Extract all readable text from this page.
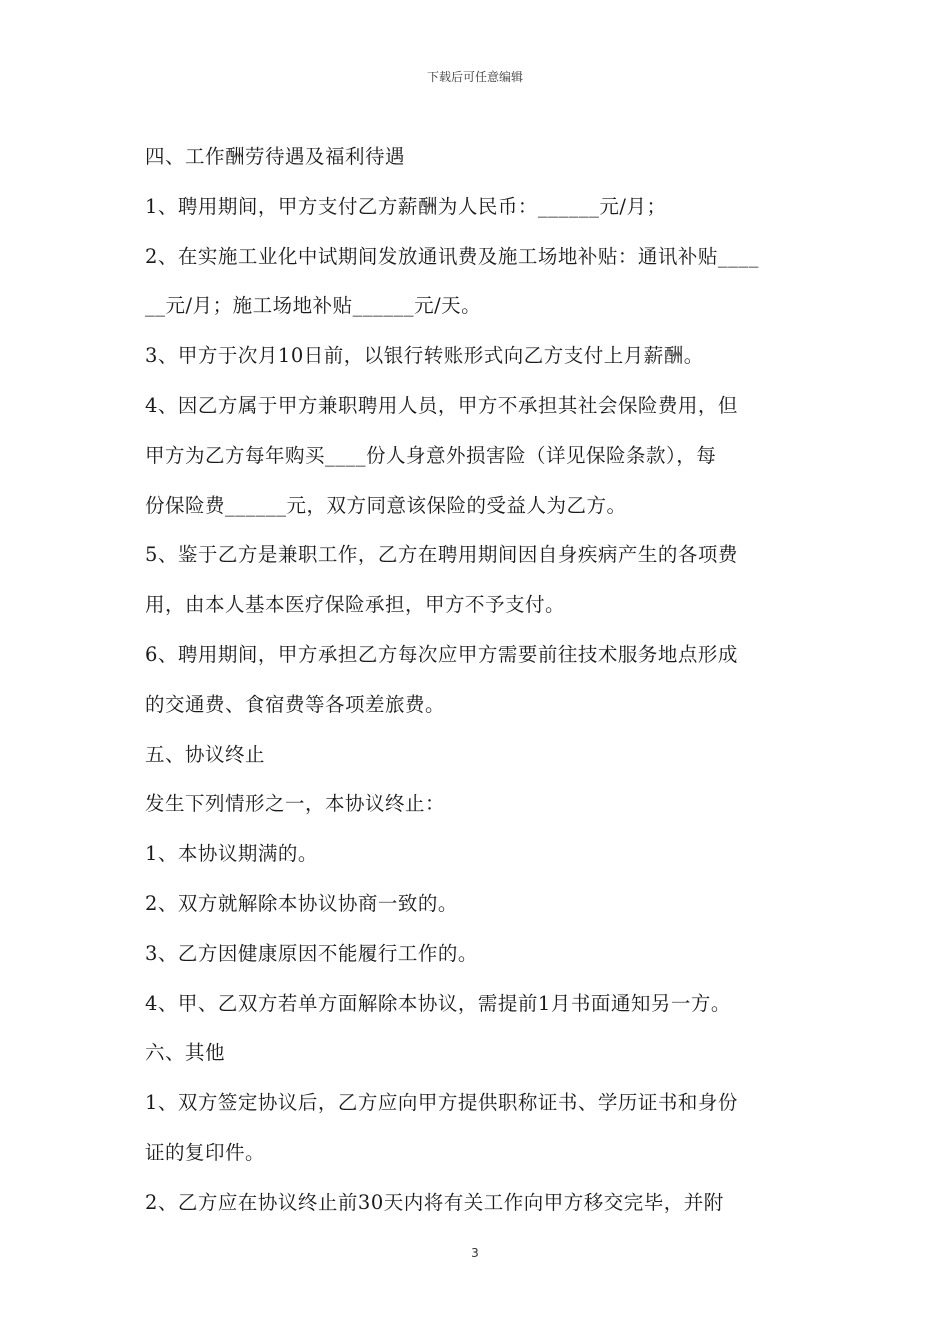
下载后可任意编辑
四、工作酬劳待遇及福利待遇
1、聘用期间，甲方支付乙方薪酬为人民币：______元/月；
2、在实施工业化中试期间发放通讯费及施工场地补贴：通讯补贴____
__元/月；施工场地补贴______元/天。
3、甲方于次月10日前，以银行转账形式向乙方支付上月薪酬。
4、因乙方属于甲方兼职聘用人员，甲方不承担其社会保险费用，但
甲方为乙方每年购买____份人身意外损害险（详见保险条款），每
份保险费______元，双方同意该保险的受益人为乙方。
5、鉴于乙方是兼职工作，乙方在聘用期间因自身疾病产生的各项费
用，由本人基本医疗保险承担，甲方不予支付。
6、聘用期间，甲方承担乙方每次应甲方需要前往技术服务地点形成
的交通费、食宿费等各项差旅费。
五、协议终止
发生下列情形之一，本协议终止：
1、本协议期满的。
2、双方就解除本协议协商一致的。
3、乙方因健康原因不能履行工作的。
4、甲、乙双方若单方面解除本协议，需提前1月书面通知另一方。
六、其他
1、双方签定协议后，乙方应向甲方提供职称证书、学历证书和身份
证的复印件。
2、乙方应在协议终止前30天内将有关工作向甲方移交完毕，并附
3
